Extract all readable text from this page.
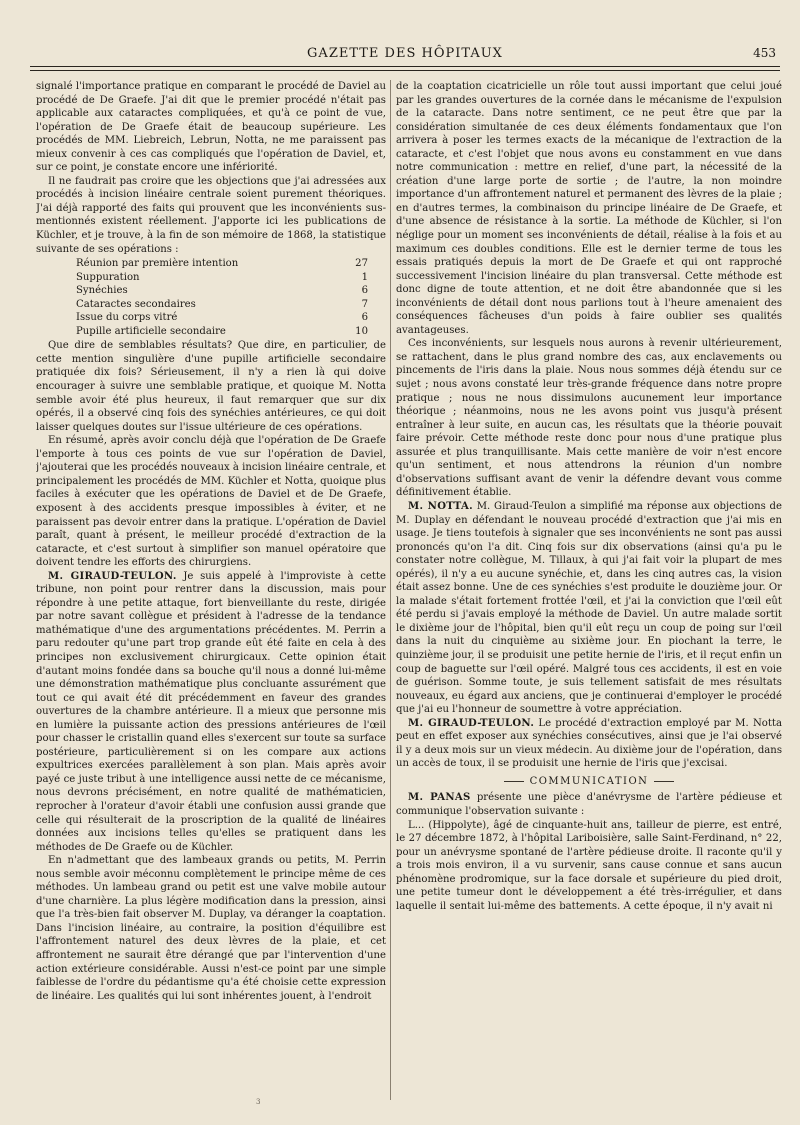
GAZETTE DES HÔPITAUX	453

signalé l'importance pratique en comparant le procédé de Daviel au procédé de De Graefe. J'ai dit que le premier procédé n'était pas applicable aux cataractes compliquées, et qu'à ce point de vue, l'opération de De Graefe était de beaucoup supérieure. Les procédés de MM. Liebreich, Lebrun, Notta, ne me paraissent pas mieux convenir à ces cas compliqués que l'opération de Daviel, et, sur ce point, je constate encore une infériorité.

Il ne faudrait pas croire que les objections que j'ai adressées aux procédés à incision linéaire centrale soient purement théoriques. J'ai déjà rapporté des faits qui prouvent que les inconvénients sus-mentionnés existent réellement. J'apporte ici les publications de Küchler, et je trouve, à la fin de son mémoire de 1868, la statistique suivante de ses opérations :

Réunion par première intention	27
Suppuration	1
Synéchies	6
Cataractes secondaires	7
Issue du corps vitré	6
Pupille artificielle secondaire	10

Que dire de semblables résultats? Que dire, en particulier, de cette mention singulière d'une pupille artificielle secondaire pratiquée dix fois? Sérieusement, il n'y a rien là qui doive encourager à suivre une semblable pratique, et quoique M. Notta semble avoir été plus heureux, il faut remarquer que sur dix opérés, il a observé cinq fois des synéchies antérieures, ce qui doit laisser quelques doutes sur l'issue ultérieure de ces opérations.

En résumé, après avoir conclu déjà que l'opération de De Graefe l'emporte à tous ces points de vue sur l'opération de Daviel, j'ajouterai que les procédés nouveaux à incision linéaire centrale, et principalement les procédés de MM. Küchler et Notta, quoique plus faciles à exécuter que les opérations de Daviel et de De Graefe, exposent à des accidents presque impossibles à éviter, et ne paraissent pas devoir entrer dans la pratique. L'opération de Daviel paraît, quant à présent, le meilleur procédé d'extraction de la cataracte, et c'est surtout à simplifier son manuel opératoire que doivent tendre les efforts des chirurgiens.

M. GIRAUD-TEULON. Je suis appelé à l'improviste à cette tribune, non point pour rentrer dans la discussion, mais pour répondre à une petite attaque, fort bienveillante du reste, dirigée par notre savant collègue et président à l'adresse de la tendance mathématique d'une des argumentations précédentes. M. Perrin a paru redouter qu'une part trop grande eût été faite en cela à des principes non exclusivement chirurgicaux. Cette opinion était d'autant moins fondée dans sa bouche qu'il nous a donné lui-même une démonstration mathématique plus concluante assurément que tout ce qui avait été dit précédemment en faveur des grandes ouvertures de la chambre antérieure. Il a mieux que personne mis en lumière la puissante action des pressions antérieures de l'œil pour chasser le cristallin quand elles s'exercent sur toute sa surface postérieure, particulièrement si on les compare aux actions expultrices exercées parallèlement à son plan. Mais après avoir payé ce juste tribut à une intelligence aussi nette de ce mécanisme, nous devrons précisément, en notre qualité de mathématicien, reprocher à l'orateur d'avoir établi une confusion aussi grande que celle qui résulterait de la proscription de la qualité de linéaires données aux incisions telles qu'elles se pratiquent dans les méthodes de De Graefe ou de Küchler.

En n'admettant que des lambeaux grands ou petits, M. Perrin nous semble avoir méconnu complètement le principe même de ces méthodes. Un lambeau grand ou petit est une valve mobile autour d'une charnière. La plus légère modification dans la pression, ainsi que l'a très-bien fait observer M. Duplay, va déranger la coaptation. Dans l'incision linéaire, au contraire, la position d'équilibre est l'affrontement naturel des deux lèvres de la plaie, et cet affrontement ne saurait être dérangé que par l'intervention d'une action extérieure considérable. Aussi n'est-ce point par une simple faiblesse de l'ordre du pédantisme qu'a été choisie cette expression de linéaire. Les qualités qui lui sont inhérentes jouent, à l'endroit

de la coaptation cicatricielle un rôle tout aussi important que celui joué par les grandes ouvertures de la cornée dans le mécanisme de l'expulsion de la cataracte. Dans notre sentiment, ce ne peut être que par la considération simultanée de ces deux éléments fondamentaux que l'on arrivera à poser les termes exacts de la mécanique de l'extraction de la cataracte, et c'est l'objet que nous avons eu constamment en vue dans notre communication : mettre en relief, d'une part, la nécessité de la création d'une large porte de sortie ; de l'autre, la non moindre importance d'un affrontement naturel et permanent des lèvres de la plaie ; en d'autres termes, la combinaison du principe linéaire de De Graefe, et d'une absence de résistance à la sortie. La méthode de Küchler, si l'on néglige pour un moment ses inconvénients de détail, réalise à la fois et au maximum ces doubles conditions. Elle est le dernier terme de tous les essais pratiqués depuis la mort de De Graefe et qui ont rapproché successivement l'incision linéaire du plan transversal. Cette méthode est donc digne de toute attention, et ne doit être abandonnée que si les inconvénients de détail dont nous parlions tout à l'heure amenaient des conséquences fâcheuses d'un poids à faire oublier ses qualités avantageuses.

Ces inconvénients, sur lesquels nous aurons à revenir ultérieurement, se rattachent, dans le plus grand nombre des cas, aux enclavements ou pincements de l'iris dans la plaie. Nous nous sommes déjà étendu sur ce sujet ; nous avons constaté leur très-grande fréquence dans notre propre pratique ; nous ne nous dissimulons aucunement leur importance théorique ; néanmoins, nous ne les avons point vus jusqu'à présent entraîner à leur suite, en aucun cas, les résultats que la théorie pouvait faire prévoir. Cette méthode reste donc pour nous d'une pratique plus assurée et plus tranquillisante. Mais cette manière de voir n'est encore qu'un sentiment, et nous attendrons la réunion d'un nombre d'observations suffisant avant de venir la défendre devant vous comme définitivement établie.

M. NOTTA. M. Giraud-Teulon a simplifié ma réponse aux objections de M. Duplay en défendant le nouveau procédé d'extraction que j'ai mis en usage. Je tiens toutefois à signaler que ses inconvénients ne sont pas aussi prononcés qu'on l'a dit. Cinq fois sur dix observations (ainsi qu'a pu le constater notre collègue, M. Tillaux, à qui j'ai fait voir la plupart de mes opérés), il n'y a eu aucune synéchie, et, dans les cinq autres cas, la vision était assez bonne. Une de ces synéchies s'est produite le douzième jour. Or la malade s'était fortement frottée l'œil, et j'ai la conviction que l'œil eût été perdu si j'avais employé la méthode de Daviel. Un autre malade sortit le dixième jour de l'hôpital, bien qu'il eût reçu un coup de poing sur l'œil dans la nuit du cinquième au sixième jour. En piochant la terre, le quinzième jour, il se produisit une petite hernie de l'iris, et il reçut enfin un coup de baguette sur l'œil opéré. Malgré tous ces accidents, il est en voie de guérison. Somme toute, je suis tellement satisfait de mes résultats nouveaux, eu égard aux anciens, que je continuerai d'employer le procédé que j'ai eu l'honneur de soumettre à votre appréciation.

M. GIRAUD-TEULON. Le procédé d'extraction employé par M. Notta peut en effet exposer aux synéchies consécutives, ainsi que je l'ai observé il y a deux mois sur un vieux médecin. Au dixième jour de l'opération, dans un accès de toux, il se produisit une hernie de l'iris que j'excisai.

COMMUNICATION

M. PANAS présente une pièce d'anévrysme de l'artère pédieuse et communique l'observation suivante :

L... (Hippolyte), âgé de cinquante-huit ans, tailleur de pierre, est entré, le 27 décembre 1872, à l'hôpital Lariboisière, salle Saint-Ferdinand, n° 22, pour un anévrysme spontané de l'artère pédieuse droite. Il raconte qu'il y a trois mois environ, il a vu survenir, sans cause connue et sans aucun phénomène prodromique, sur la face dorsale et supérieure du pied droit, une petite tumeur dont le développement a été très-irrégulier, et dans laquelle il sentait lui-même des battements. A cette époque, il n'y avait ni

3
